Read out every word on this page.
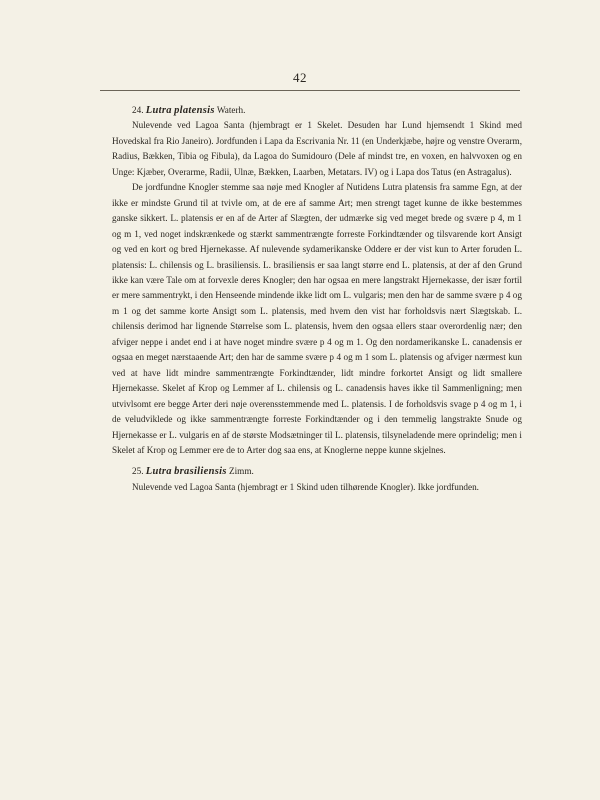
42

24. Lutra platensis Waterh.

Nulevende ved Lagoa Santa (hjembragt er 1 Skelet. Desuden har Lund hjemsendt 1 Skind med Hovedskal fra Rio Janeiro). Jordfunden i Lapa da Escrivania Nr. 11 (en Underkjæbe, højre og venstre Overarm, Radius, Bækken, Tibia og Fibula), da Lagoa do Sumidouro (Dele af mindst tre, en voxen, en halvvoxen og en Unge: Kjæber, Overarme, Radii, Ulnæ, Bækken, Laarben, Metatars. IV) og i Lapa dos Tatus (en Astragalus).

De jordfundne Knogler stemme saa nøje med Knogler af Nutidens Lutra platensis fra samme Egn, at der ikke er mindste Grund til at tvivle om, at de ere af samme Art; men strengt taget kunne de ikke bestemmes ganske sikkert. L. platensis er en af de Arter af Slægten, der udmærke sig ved meget brede og svære p 4, m 1 og m 1, ved noget indskrænkede og stærkt sammentrængte forreste Forkindtænder og tilsvarende kort Ansigt og ved en kort og bred Hjernekasse. Af nulevende sydamerikanske Oddere er der vist kun to Arter foruden L. platensis: L. chilensis og L. brasiliensis. L. brasiliensis er saa langt større end L. platensis, at der af den Grund ikke kan være Tale om at forvexle deres Knogler; den har ogsaa en mere langstrakt Hjernekasse, der især fortil er mere sammentrykt, i den Henseende mindende ikke lidt om L. vulgaris; men den har de samme svære p 4 og m 1 og det samme korte Ansigt som L. platensis, med hvem den vist har forholdsvis nært Slægtskab. L. chilensis derimod har lignende Størrelse som L. platensis, hvem den ogsaa ellers staar overordenlig nær; den afviger neppe i andet end i at have noget mindre svære p 4 og m 1. Og den nordamerikanske L. canadensis er ogsaa en meget nærstaaende Art; den har de samme svære p 4 og m 1 som L. platensis og afviger nærmest kun ved at have lidt mindre sammentrængte Forkindtænder, lidt mindre forkortet Ansigt og lidt smallere Hjernekasse. Skelet af Krop og Lemmer af L. chilensis og L. canadensis haves ikke til Sammenligning; men utvivlsomt ere begge Arter deri nøje overensstemmende med L. platensis. I de forholdsvis svage p 4 og m 1, i de veludviklede og ikke sammentrængte forreste Forkindtænder og i den temmelig langstrakte Snude og Hjernekasse er L. vulgaris en af de største Modsætninger til L. platensis, tilsyneladende mere oprindelig; men i Skelet af Krop og Lemmer ere de to Arter dog saa ens, at Knoglerne neppe kunne skjelnes.

25. Lutra brasiliensis Zimm.

Nulevende ved Lagoa Santa (hjembragt er 1 Skind uden tilhørende Knogler). Ikke jordfunden.
